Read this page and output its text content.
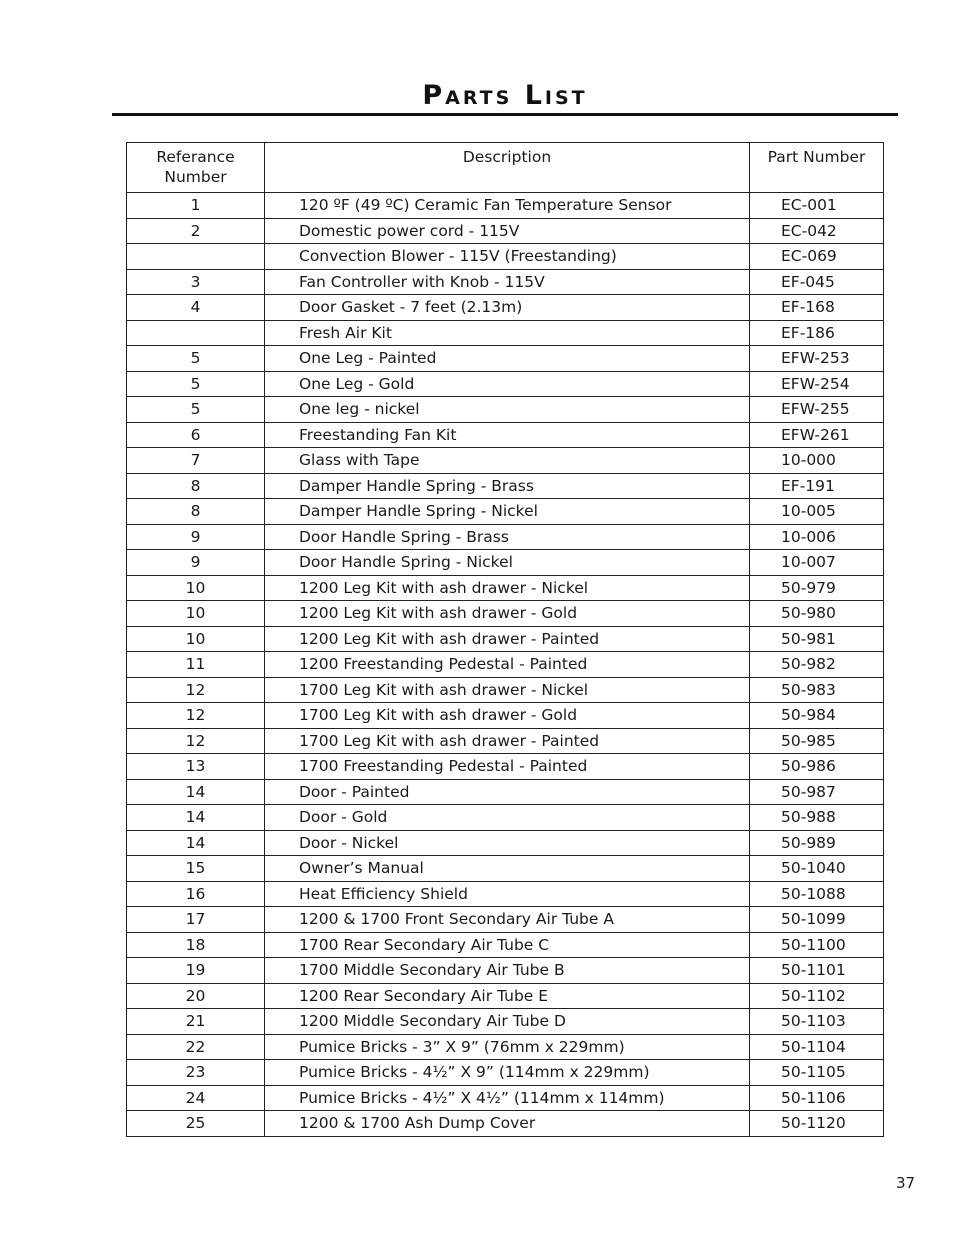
Parts List
Referance
Number	Description	Part Number
1	120 ºF (49 ºC) Ceramic Fan Temperature Sensor	EC-001
2	Domestic power cord - 115V	EC-042
	Convection Blower - 115V (Freestanding)	EC-069
3	Fan Controller with Knob - 115V	EF-045
4	Door Gasket - 7 feet (2.13m)	EF-168
	Fresh Air Kit	EF-186
5	One Leg - Painted	EFW-253
5	One Leg - Gold	EFW-254
5	One leg - nickel	EFW-255
6	Freestanding Fan Kit	EFW-261
7	Glass with Tape	10-000
8	Damper Handle Spring - Brass	EF-191
8	Damper Handle Spring - Nickel	10-005
9	Door Handle Spring - Brass	10-006
9	Door Handle Spring - Nickel	10-007
10	1200 Leg Kit with ash drawer - Nickel	50-979
10	1200 Leg Kit with ash drawer - Gold	50-980
10	1200 Leg Kit with ash drawer - Painted	50-981
11	1200 Freestanding Pedestal - Painted	50-982
12	1700 Leg Kit with ash drawer - Nickel	50-983
12	1700 Leg Kit with ash drawer - Gold	50-984
12	1700 Leg Kit with ash drawer - Painted	50-985
13	1700 Freestanding Pedestal - Painted	50-986
14	Door - Painted	50-987
14	Door - Gold	50-988
14	Door - Nickel	50-989
15	Owner’s Manual	50-1040
16	Heat Efficiency Shield	50-1088
17	1200 & 1700 Front Secondary Air Tube A	50-1099
18	1700 Rear Secondary Air Tube C	50-1100
19	1700 Middle Secondary Air Tube B	50-1101
20	1200 Rear Secondary Air Tube E	50-1102
21	1200 Middle Secondary Air Tube D	50-1103
22	Pumice Bricks - 3” X 9” (76mm x 229mm)	50-1104
23	Pumice Bricks - 4½” X 9” (114mm x 229mm)	50-1105
24	Pumice Bricks - 4½” X 4½” (114mm x 114mm)	50-1106
25	1200 & 1700 Ash Dump Cover	50-1120
37
